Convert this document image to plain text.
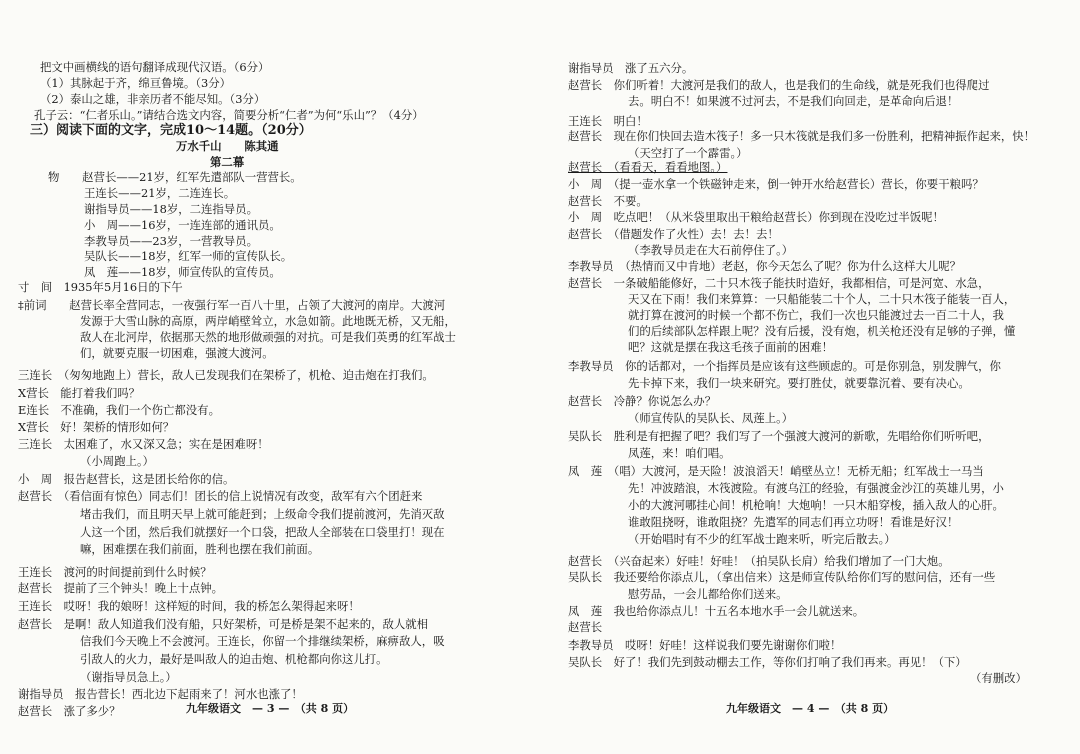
把文中画横线的语句翻译成现代汉语。（6分）
（1）其脉起于齐，绵亘鲁境。（3分）
（2）泰山之雄，非亲历者不能尽知。（3分）
孔子云：“仁者乐山。”请结合选文内容，简要分析“仁者”为何“乐山”？（4分）
三）阅读下面的文字，完成10～14题。（20分）
万水千山　　陈其通
第二幕
物　　赵营长——21岁，红军先遣部队一营营长。
王连长——21岁，二连连长。
谢指导员——18岁，二连指导员。
小　周——16岁，一连连部的通讯员。
李教导员——23岁，一营教导员。
吴队长——18岁，红军一师的宣传队长。
凤　莲——18岁，师宣传队的宣传员。
寸　间　1935年5月16日的下午
‡前词　　赵营长率全营同志，一夜强行军一百八十里，占领了大渡河的南岸。大渡河
发源于大雪山脉的高原，两岸峭壁耸立，水急如箭。此地既无桥，又无船，
敌人在北河岸，依据那天然的地形做顽强的对抗。可是我们英勇的红军战士
们，就要克服一切困难，强渡大渡河。
三连长　（匆匆地跑上）营长，敌人已发现我们在架桥了，机枪、迫击炮在打我们。
Ⅹ营长　能打着我们吗？
E连长　不准确，我们一个伤亡都没有。
Ⅹ营长　好！架桥的情形如何？
三连长　太困难了，水又深又急；实在是困难呀！
（小周跑上。）
小　周　报告赵营长，这是团长给你的信。
赵营长　（看信面有惊色）同志们！团长的信上说情况有改变，敌军有六个团赶来
堵击我们，而且明天早上就可能赶到；上级命令我们提前渡河，先消灭敌
人这一个团，然后我们就摆好一个口袋，把敌人全部装在口袋里打！现在
嘛，困难摆在我们前面，胜利也摆在我们前面。
王连长　渡河的时间提前到什么时候？
赵营长　提前了三个钟头！晚上十点钟。
王连长　哎呀！我的娘呀！这样短的时间，我的桥怎么架得起来呀！
赵营长　是啊！敌人知道我们没有船，只好架桥，可是桥是架不起来的，敌人就相
信我们今天晚上不会渡河。王连长，你留一个排继续架桥，麻痹敌人，吸
引敌人的火力，最好是叫敌人的迫击炮、机枪都向你这儿打。
（谢指导员急上。）
谢指导员　报告营长！西北边下起雨来了！河水也涨了！
赵营长　涨了多少？	九年级语文　— 3 —　（共 8 页）
谢指导员　涨了五六分。
赵营长　你们听着！大渡河是我们的敌人，也是我们的生命线，就是死我们也得爬过
去。明白不！如果渡不过河去，不是我们向回走，是革命向后退！
王连长　明白！
赵营长　现在你们快回去造木筏子！多一只木筏就是我们多一份胜利，把精神振作起来，快！
（天空打了一个霹雷。）
赵营长　（看看天，看看地图。）
小　周　（提一壶水拿一个铁磁钟走来，倒一钟开水给赵营长）营长，你要干粮吗？
赵营长　不要。
小　周　吃点吧！（从米袋里取出干粮给赵营长）你到现在没吃过半饭呢！
赵营长　（借题发作了火性）去！去！去！
（李教导员走在大石前停住了。）
李教导员　（热情而又中肯地）老赵，你今天怎么了呢？你为什么这样大儿呢？
赵营长　一条破船能修好，二十只木筏子能扶时造好，我都相信，可是河宽、水急，
天又在下雨！我们来算算：一只船能装二十个人，二十只木筏子能装一百人，
就打算在渡河的时候一个都不伤亡，我们一次也只能渡过去一百二十人，我
们的后续部队怎样跟上呢？没有后援，没有炮，机关枪还没有足够的子弹，懂
吧？这就是摆在我这毛孩子面前的困难！
李教导员　你的话都对，一个指挥员是应该有这些顾虑的。可是你别急，别发脾气，你
先卡掉下来，我们一块来研究。要打胜仗，就要靠沉着、要有决心。
赵营长　冷静？你说怎么办？
（师宣传队的吴队长、凤莲上。）
吴队长　胜利是有把握了吧？我们写了一个强渡大渡河的新歌，先唱给你们听听吧，
凤莲，来！咱们唱。
凤　莲　（唱）大渡河，是天险！波浪滔天！峭壁丛立！无桥无船；红军战士一马当
先！冲波踏浪，木筏渡险。有渡乌江的经验，有强渡金沙江的英雄儿男，小
小的大渡河哪挂心间！机枪响！大炮响！一只木船穿梭，插入敌人的心肝。
谁敢阻挠呀，谁敢阻挠？先遣军的同志们再立功呀！看谁是好汉！
（开始唱时有不少的红军战士跑来听，听完后散去。）
赵营长　（兴奋起来）好哇！好哇！（拍吴队长肩）给我们增加了一门大炮。
吴队长　我还要给你添点儿，（拿出信来）这是师宣传队给你们写的慰问信，还有一些
慰劳品，一会儿都给你们送来。
凤　莲　我也给你添点儿！十五名本地水手一会儿就送来。
赵营长
李教导员　哎呀！好哇！这样说我们要先谢谢你们啦！
吴队长　好了！我们先到鼓动棚去工作，等你们打响了我们再来。再见！（下）
（有删改）
九年级语文　— 4 —　（共 8 页）
